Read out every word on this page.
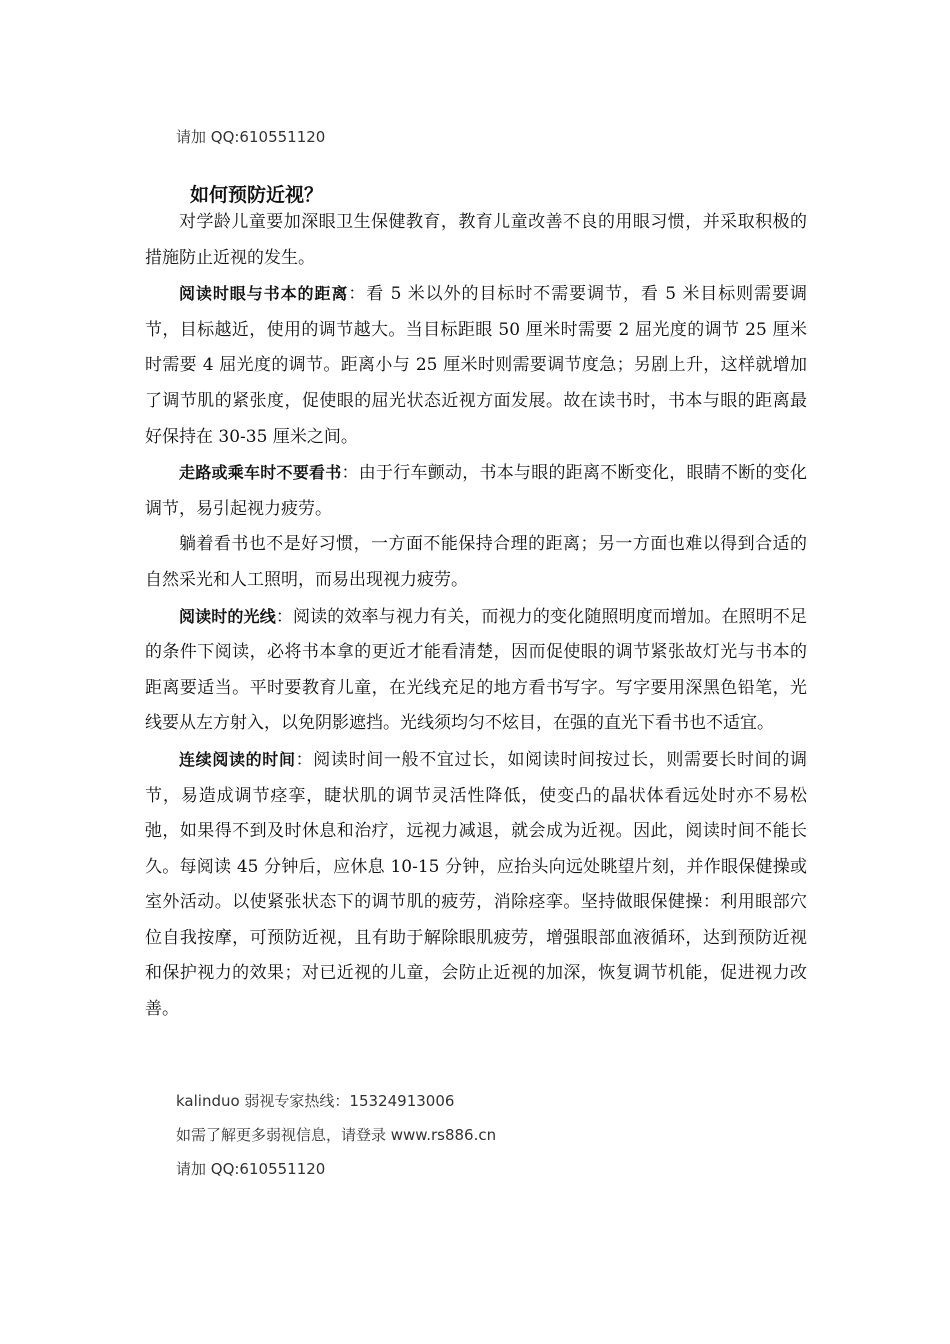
请加 QQ:610551120
如何预防近视？

对学龄儿童要加深眼卫生保健教育，教育儿童改善不良的用眼习惯，并采取积极的措施防止近视的发生。

阅读时眼与书本的距离：看 5 米以外的目标时不需要调节，看 5 米目标则需要调节，目标越近，使用的调节越大。当目标距眼 50 厘米时需要 2 屈光度的调节 25 厘米时需要 4 屈光度的调节。距离小与 25 厘米时则需要调节度急；另剧上升，这样就增加了调节肌的紧张度，促使眼的屈光状态近视方面发展。故在读书时，书本与眼的距离最好保持在 30-35 厘米之间。

走路或乘车时不要看书：由于行车颤动，书本与眼的距离不断变化，眼睛不断的变化调节，易引起视力疲劳。

躺着看书也不是好习惯，一方面不能保持合理的距离；另一方面也难以得到合适的自然采光和人工照明，而易出现视力疲劳。

阅读时的光线：阅读的效率与视力有关，而视力的变化随照明度而增加。在照明不足的条件下阅读，必将书本拿的更近才能看清楚，因而促使眼的调节紧张故灯光与书本的距离要适当。平时要教育儿童，在光线充足的地方看书写字。写字要用深黑色铅笔，光线要从左方射入，以免阴影遮挡。光线须均匀不炫目，在强的直光下看书也不适宜。

连续阅读的时间：阅读时间一般不宜过长，如阅读时间按过长，则需要长时间的调节，易造成调节痉挛，睫状肌的调节灵活性降低，使变凸的晶状体看远处时亦不易松弛，如果得不到及时休息和治疗，远视力减退，就会成为近视。因此，阅读时间不能长久。每阅读 45 分钟后，应休息 10-15 分钟，应抬头向远处眺望片刻，并作眼保健操或室外活动。以使紧张状态下的调节肌的疲劳，消除痉挛。坚持做眼保健操：利用眼部穴位自我按摩，可预防近视，且有助于解除眼肌疲劳，增强眼部血液循环，达到预防近视和保护视力的效果；对已近视的儿童，会防止近视的加深，恢复调节机能，促进视力改善。

kalinduo 弱视专家热线：15324913006
如需了解更多弱视信息，请登录 www.rs886.cn
请加 QQ:610551120
